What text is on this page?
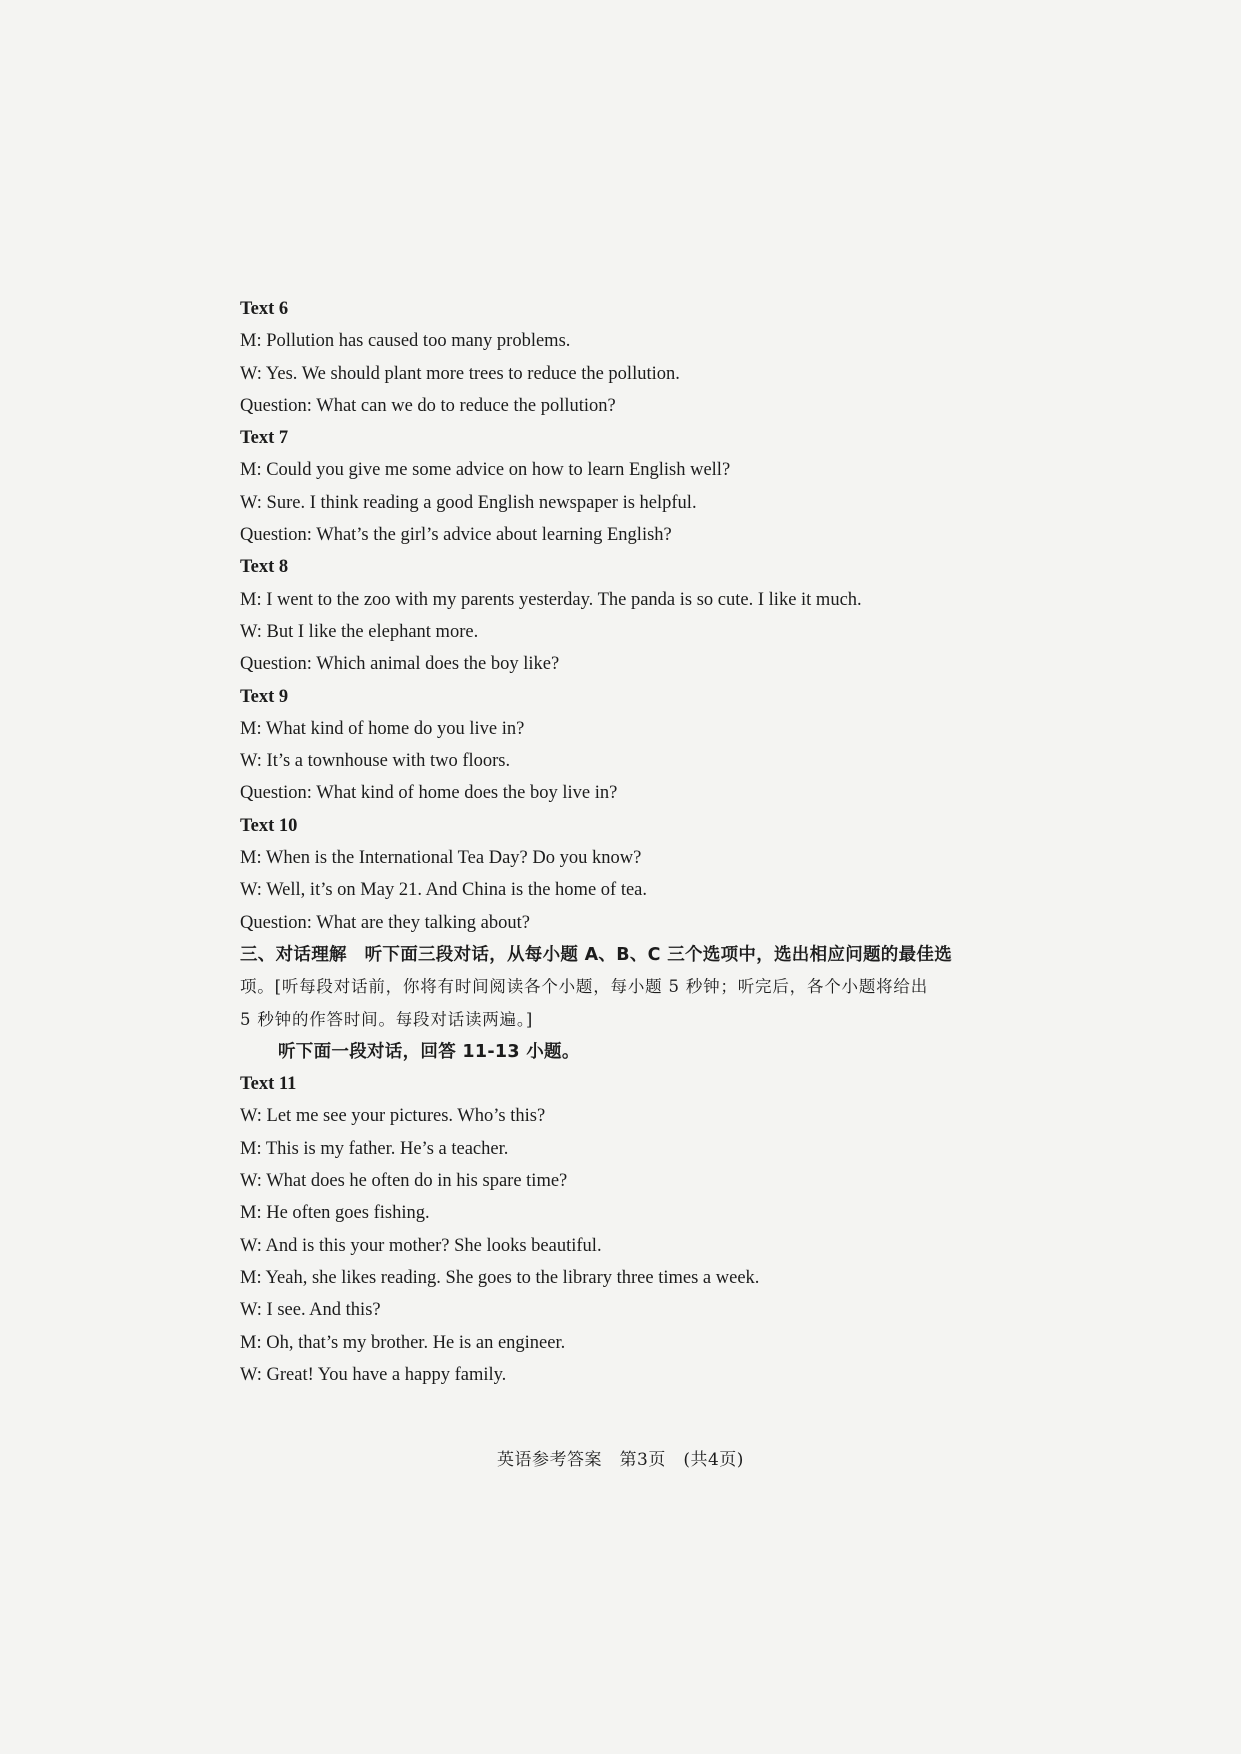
Text 6
M: Pollution has caused too many problems.
W: Yes. We should plant more trees to reduce the pollution.
Question: What can we do to reduce the pollution?
Text 7
M: Could you give me some advice on how to learn English well?
W: Sure. I think reading a good English newspaper is helpful.
Question: What’s the girl’s advice about learning English?
Text 8
M: I went to the zoo with my parents yesterday. The panda is so cute. I like it much.
W: But I like the elephant more.
Question: Which animal does the boy like?
Text 9
M: What kind of home do you live in?
W: It’s a townhouse with two floors.
Question: What kind of home does the boy live in?
Text 10
M: When is the International Tea Day? Do you know?
W: Well, it’s on May 21. And China is the home of tea.
Question: What are they talking about?
三、对话理解　听下面三段对话，从每小题 A、B、C 三个选项中，选出相应问题的最佳选
项。[听每段对话前，你将有时间阅读各个小题，每小题 5 秒钟；听完后，各个小题将给出
5 秒钟的作答时间。每段对话读两遍。]
听下面一段对话，回答 11-13 小题。
Text 11
W: Let me see your pictures. Who’s this?
M: This is my father. He’s a teacher.
W: What does he often do in his spare time?
M: He often goes fishing.
W: And is this your mother? She looks beautiful.
M: Yeah, she likes reading. She goes to the library three times a week.
W: I see. And this?
M: Oh, that’s my brother. He is an engineer.
W: Great! You have a happy family.
英语参考答案　第3页　(共4页)
